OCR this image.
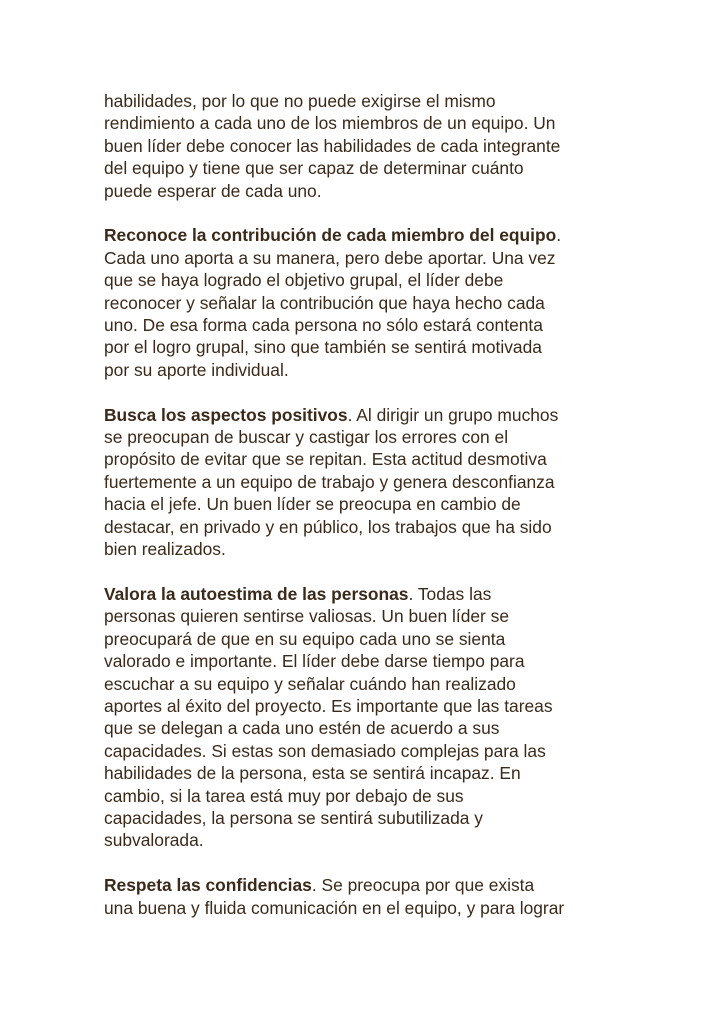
habilidades, por lo que no puede exigirse el mismo
rendimiento a cada uno de los miembros de un equipo. Un
buen líder debe conocer las habilidades de cada integrante
del equipo y tiene que ser capaz de determinar cuánto
puede esperar de cada uno.

Reconoce la contribución de cada miembro del equipo.
Cada uno aporta a su manera, pero debe aportar. Una vez
que se haya logrado el objetivo grupal, el líder debe
reconocer y señalar la contribución que haya hecho cada
uno. De esa forma cada persona no sólo estará contenta
por el logro grupal, sino que también se sentirá motivada
por su aporte individual.

Busca los aspectos positivos. Al dirigir un grupo muchos
se preocupan de buscar y castigar los errores con el
propósito de evitar que se repitan. Esta actitud desmotiva
fuertemente a un equipo de trabajo y genera desconfianza
hacia el jefe. Un buen líder se preocupa en cambio de
destacar, en privado y en público, los trabajos que ha sido
bien realizados.

Valora la autoestima de las personas. Todas las
personas quieren sentirse valiosas. Un buen líder se
preocupará de que en su equipo cada uno se sienta
valorado e importante. El líder debe darse tiempo para
escuchar a su equipo y señalar cuándo han realizado
aportes al éxito del proyecto. Es importante que las tareas
que se delegan a cada uno estén de acuerdo a sus
capacidades. Si estas son demasiado complejas para las
habilidades de la persona, esta se sentirá incapaz. En
cambio, si la tarea está muy por debajo de sus
capacidades, la persona se sentirá subutilizada y
subvalorada.

Respeta las confidencias. Se preocupa por que exista
una buena y fluida comunicación en el equipo, y para lograr
